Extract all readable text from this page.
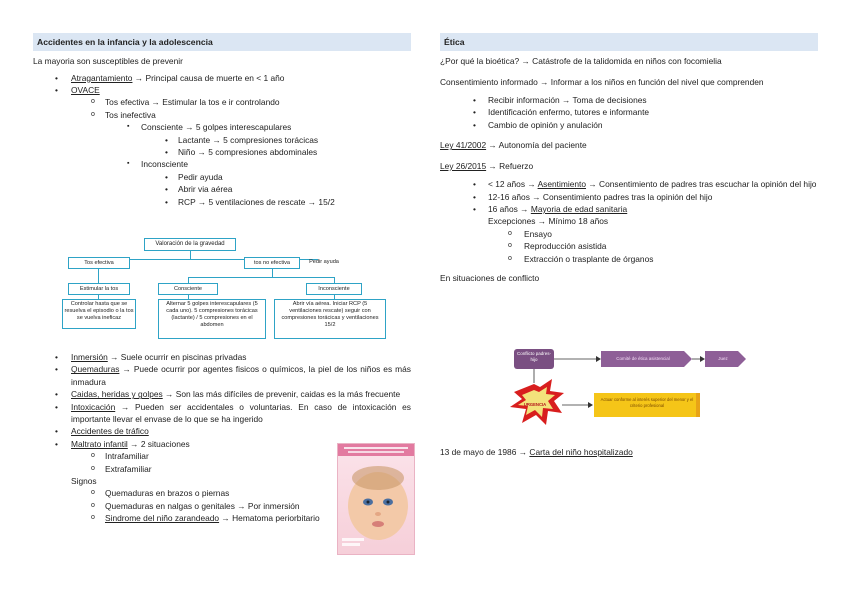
Accidentes en la infancia y la adolescencia
La mayoria son susceptibles de prevenir
• Atragantamiento → Principal causa de muerte en < 1 año
• OVACE
o Tos efectiva → Estimular la tos e ir controlando
o Tos inefectiva
▪ Consciente → 5 golpes interescapulares
• Lactante → 5 compresiones torácicas
• Niño → 5 compresiones abdominales
▪ Inconsciente
• Pedir ayuda
• Abrir via aérea
• RCP → 5 ventilaciones de rescate → 15/2
Valoración de la gravedad
Tos efectiva	tos no efectiva	Pedir ayuda
Estimular la tos	Consciente	Inconsciente
Controlar hasta que se resuelva el episodio o la tos se vuelva ineficaz
Alternar 5 golpes interescapulares (5 cada uno). 5 compresiones torácicas (lactante) / 5 compresiones en el abdomen
Abrir vía aérea. Iniciar RCP (5 ventilaciones rescate) seguir con compresiones torácicas y ventilaciones 15/2
• Inmersión → Suele ocurrir en piscinas privadas
• Quemaduras → Puede ocurrir por agentes fisicos o químicos, la piel de los niños es más inmadura
• Caidas, heridas y golpes → Son las más difíciles de prevenir, caidas es la más frecuente
• Intoxicación → Pueden ser accidentales o voluntarias. En caso de intoxicación es importante llevar el envase de lo que se ha ingerido
• Accidentes de tráfico
• Maltrato infantil → 2 situaciones
o Intrafamiliar
o Extrafamiliar
Signos
o Quemaduras en brazos o piernas
o Quemaduras en nalgas o genitales → Por inmersión
o Sindrome del niño zarandeado → Hematoma periorbitario
Ética
¿Por qué la bioética? → Catástrofe de la talidomida en niños con focomielia
Consentimiento informado → Informar a los niños en función del nivel que comprenden
• Recibir información → Toma de decisiones
• Identificación enfermo, tutores e informante
• Cambio de opinión y anulación
Ley 41/2002 → Autonomía del paciente
Ley 26/2015 → Refuerzo
• < 12 años → Asentimiento → Consentimiento de padres tras escuchar la opinión del hijo
• 12-16 años → Consentimiento padres tras la opinión del hijo
• 16 años → Mayoria de edad sanitaria
Excepciones → Mínimo 18 años
o Ensayo
o Reproducción asistida
o Extracción o trasplante de órganos
En situaciones de conflicto
Conflicto padres-hijo	Comité de ética asistencial	Juez
URGENCIA
Actuar conforme al interés superior del menor y el criterio profesional
13 de mayo de 1986 → Carta del niño hospitalizado
